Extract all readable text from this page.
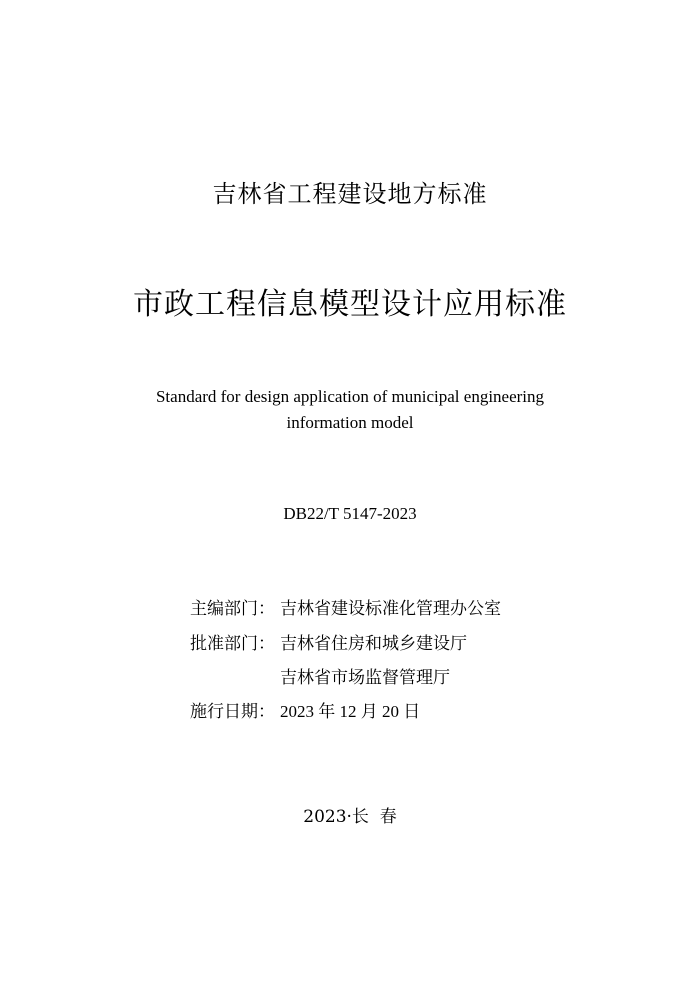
吉林省工程建设地方标准
市政工程信息模型设计应用标准
Standard for design application of municipal engineering
information model
DB22/T 5147-2023
主编部门： 吉林省建设标准化管理办公室
批准部门： 吉林省住房和城乡建设厅
吉林省市场监督管理厅
施行日期： 2023 年 12 月 20 日
2023·长  春
